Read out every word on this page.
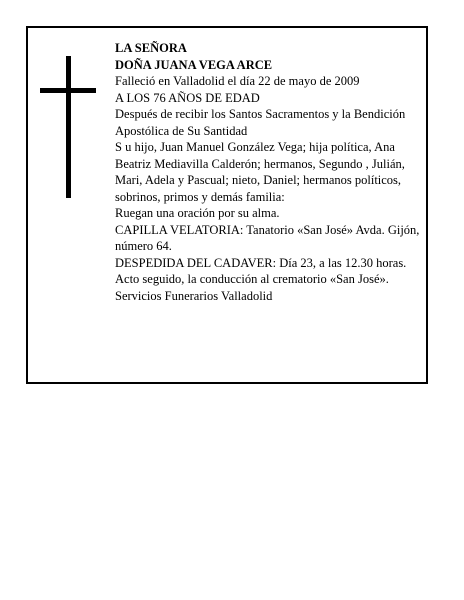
LA SEÑORA

DOÑA JUANA VEGA ARCE

Falleció en Valladolid el día 22 de mayo de 2009

A LOS 76 AÑOS DE EDAD

Después de recibir los Santos Sacramentos y la Bendición Apostólica de Su Santidad

S u hijo, Juan Manuel González Vega; hija política, Ana Beatriz Mediavilla Calderón; hermanos, Segundo , Julián, Mari, Adela y Pascual; nieto, Daniel; hermanos políticos, sobrinos, primos y demás familia:

Ruegan una oración por su alma.

CAPILLA VELATORIA: Tanatorio «San José» Avda. Gijón, número 64.

DESPEDIDA DEL CADAVER: Día 23, a las 12.30 horas. Acto seguido, la conducción al crematorio «San José».

Servicios Funerarios Valladolid
